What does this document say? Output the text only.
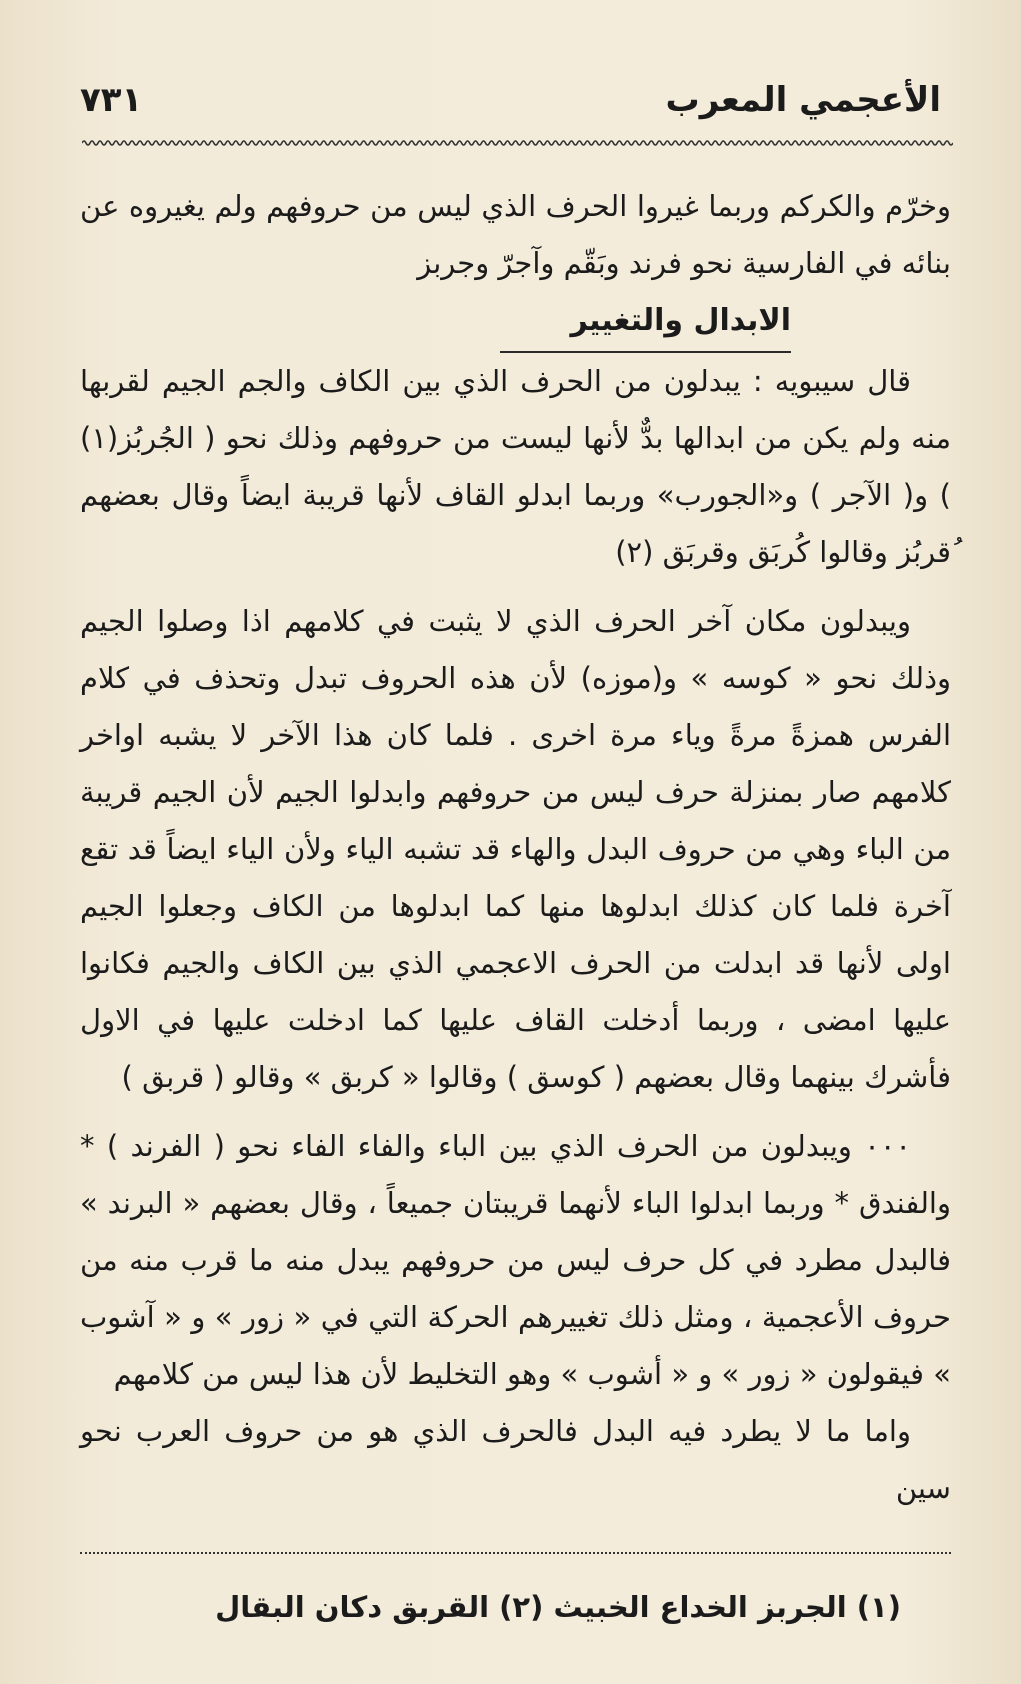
الأعجمي المعرب
٧٣١

وخرّم والكركم وربما غيروا الحرف الذي ليس من حروفهم ولم يغيروه عن بنائه في الفارسية نحو فرند وبَقّم وآجرّ وجربز

الابدال والتغيير

قال سيبويه : يبدلون من الحرف الذي بين الكاف والجم الجيم لقربها منه ولم يكن من ابدالها بدٌّ لأنها ليست من حروفهم وذلك نحو ( الجُربُز(١) ) و( الآجر ) و«الجورب» وربما ابدلو القاف لأنها قريبة ايضاً وقال بعضهم ُقربُز وقالوا كُربَق وقربَق (٢)

ويبدلون مكان آخر الحرف الذي لا يثبت في كلامهم اذا وصلوا الجيم وذلك نحو « كوسه » و(موزه) لأن هذه الحروف تبدل وتحذف في كلام الفرس همزةً مرةً وياء مرة اخرى . فلما كان هذا الآخر لا يشبه اواخر كلامهم صار بمنزلة حرف ليس من حروفهم وابدلوا الجيم لأن الجيم قريبة من الباء وهي من حروف البدل والهاء قد تشبه الياء ولأن الياء ايضاً قد تقع آخرة فلما كان كذلك ابدلوها منها كما ابدلوها من الكاف وجعلوا الجيم اولى لأنها قد ابدلت من الحرف الاعجمي الذي بين الكاف والجيم فكانوا عليها امضى ، وربما أدخلت القاف عليها كما ادخلت عليها في الاول فأشرك بينهما وقال بعضهم ( كوسق ) وقالوا « كربق » وقالو ( قربق )

٠٠٠ ويبدلون من الحرف الذي بين الباء والفاء الفاء نحو ( الفرند ) * والفندق * وربما ابدلوا الباء لأنهما قريبتان جميعاً ، وقال بعضهم « البرند » فالبدل مطرد في كل حرف ليس من حروفهم يبدل منه ما قرب منه من حروف الأعجمية ، ومثل ذلك تغييرهم الحركة التي في « زور » و « آشوب » فيقولون « زور » و « أشوب » وهو التخليط لأن هذا ليس من كلامهم

واما ما لا يطرد فيه البدل فالحرف الذي هو من حروف العرب نحو سين

(١) الجربز الخداع الخبيث (٢) القربق دكان البقال
